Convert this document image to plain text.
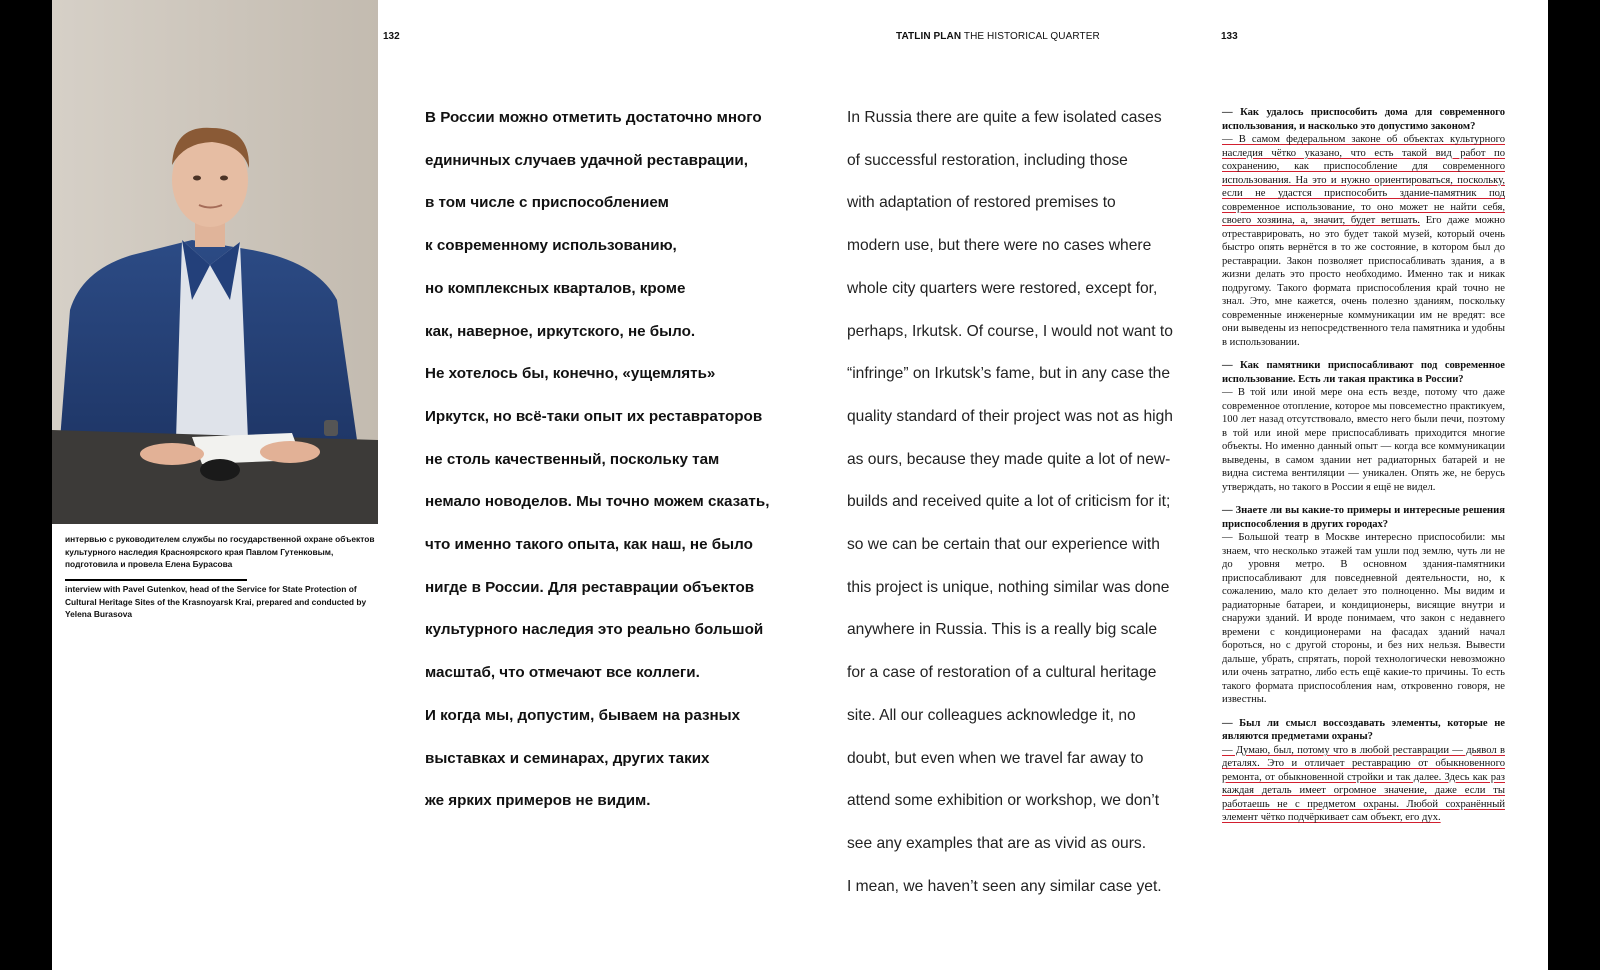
132	TATLIN PLAN THE HISTORICAL QUARTER	133
интервью с руководителем службы по государственной охране объектов культурного наследия Красноярского края Павлом Гутенковым, подготовила и провела Елена Бурасова
interview with Pavel Gutenkov, head of the Service for State Protection of Cultural Heritage Sites of the Krasnoyarsk Krai, prepared and conducted by Yelena Burasova
В России можно отметить достаточно много
единичных случаев удачной реставрации,
в том числе с приспособлением
к современному использованию,
но комплексных кварталов, кроме
как, наверное, иркутского, не было.
Не хотелось бы, конечно, «ущемлять»
Иркутск, но всё-таки опыт их реставраторов
не столь качественный, поскольку там
немало новоделов. Мы точно можем сказать,
что именно такого опыта, как наш, не было
нигде в России. Для реставрации объектов
культурного наследия это реально большой
масштаб, что отмечают все коллеги.
И когда мы, допустим, бываем на разных
выставках и семинарах, других таких
же ярких примеров не видим.
In Russia there are quite a few isolated cases
of successful restoration, including those
with adaptation of restored premises to
modern use, but there were no cases where
whole city quarters were restored, except for,
perhaps, Irkutsk. Of course, I would not want to
“infringe” on Irkutsk’s fame, but in any case the
quality standard of their project was not as high
as ours, because they made quite a lot of new-
builds and received quite a lot of criticism for it;
so we can be certain that our experience with
this project is unique, nothing similar was done
anywhere in Russia. This is a really big scale
for a case of restoration of a cultural heritage
site. All our colleagues acknowledge it, no
doubt, but even when we travel far away to
attend some exhibition or workshop, we don’t
see any examples that are as vivid as ours.
I mean, we haven’t seen any similar case yet.

— Как удалось приспособить дома для современного использования, и насколько это допустимо законом?

— В самом федеральном законе об объектах культурного наследия чётко указано, что есть такой вид работ по сохранению, как приспособление для современного использования. На это и нужно ориентироваться, поскольку, если не удастся приспособить здание-памятник под современное использование, то оно может не найти себя, своего хозяина, а, значит, будет ветшать. Его даже можно отреставрировать, но это будет такой музей, который очень быстро опять вернётся в то же состояние, в котором был до реставрации. Закон позволяет приспосабливать здания, а в жизни делать это просто необходимо. Именно так и никак подругому. Такого формата приспособления край точно не знал. Это, мне кажется, очень полезно зданиям, поскольку современные инженерные коммуникации им не вредят: все они выведены из непосредственного тела памятника и удобны в использовании.

— Как памятники приспосабливают под современное использование. Есть ли такая практика в России?

— В той или иной мере она есть везде, потому что даже современное отопление, которое мы повсеместно практикуем, 100 лет назад отсутствовало, вместо него были печи, поэтому в той или иной мере приспосабливать приходится многие объекты. Но именно данный опыт — когда все коммуникации выведены, в самом здании нет радиаторных батарей и не видна система вентиляции — уникален. Опять же, не берусь утверждать, но такого в России я ещё не видел.

— Знаете ли вы какие-то примеры и интересные решения приспособления в других городах?

— Большой театр в Москве интересно приспособили: мы знаем, что несколько этажей там ушли под землю, чуть ли не до уровня метро. В основном здания-памятники приспосабливают для повседневной деятельности, но, к сожалению, мало кто делает это полноценно. Мы видим и радиаторные батареи, и кондиционеры, висящие внутри и снаружи зданий. И вроде понимаем, что закон с недавнего времени с кондиционерами на фасадах зданий начал бороться, но с другой стороны, и без них нельзя. Вывести дальше, убрать, спрятать, порой технологически невозможно или очень затратно, либо есть ещё какие-то причины. То есть такого формата приспособления нам, откровенно говоря, не известны.

— Был ли смысл воссоздавать элементы, которые не являются предметами охраны?

— Думаю, был, потому что в любой реставрации — дьявол в деталях. Это и отличает реставрацию от обыкновенного ремонта, от обыкновенной стройки и так далее. Здесь как раз каждая деталь имеет огромное значение, даже если ты работаешь не с предметом охраны. Любой сохранённый элемент чётко подчёркивает сам объект, его дух.
